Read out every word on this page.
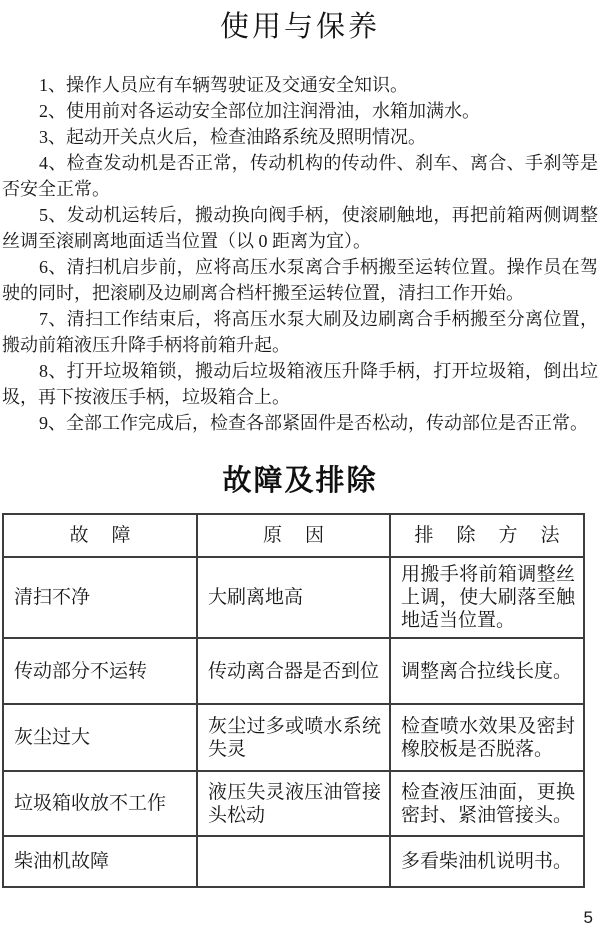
使用与保养

1、操作人员应有车辆驾驶证及交通安全知识。

2、使用前对各运动安全部位加注润滑油，水箱加满水。

3、起动开关点火后，检查油路系统及照明情况。

4、检查发动机是否正常，传动机构的传动件、刹车、离合、手刹等是否安全正常。

5、发动机运转后，搬动换向阀手柄，使滚刷触地，再把前箱两侧调整丝调至滚刷离地面适当位置（以 0 距离为宜）。

6、清扫机启步前，应将高压水泵离合手柄搬至运转位置。操作员在驾驶的同时，把滚刷及边刷离合档杆搬至运转位置，清扫工作开始。

7、清扫工作结束后，将高压水泵大刷及边刷离合手柄搬至分离位置，搬动前箱液压升降手柄将前箱升起。

8、打开垃圾箱锁，搬动后垃圾箱液压升降手柄，打开垃圾箱，倒出垃圾，再下按液压手柄，垃圾箱合上。

9、全部工作完成后，检查各部紧固件是否松动，传动部位是否正常。

故障及排除
故　障	原　因	排　除　方　法
清扫不净	大刷离地高	用搬手将前箱调整丝上调，使大刷落至触地适当位置。
传动部分不运转	传动离合器是否到位	调整离合拉线长度。
灰尘过大	灰尘过多或喷水系统失灵	检查喷水效果及密封橡胶板是否脱落。
垃圾箱收放不工作	液压失灵液压油管接头松动	检查液压油面，更换密封、紧油管接头。
柴油机故障		多看柴油机说明书。
5
